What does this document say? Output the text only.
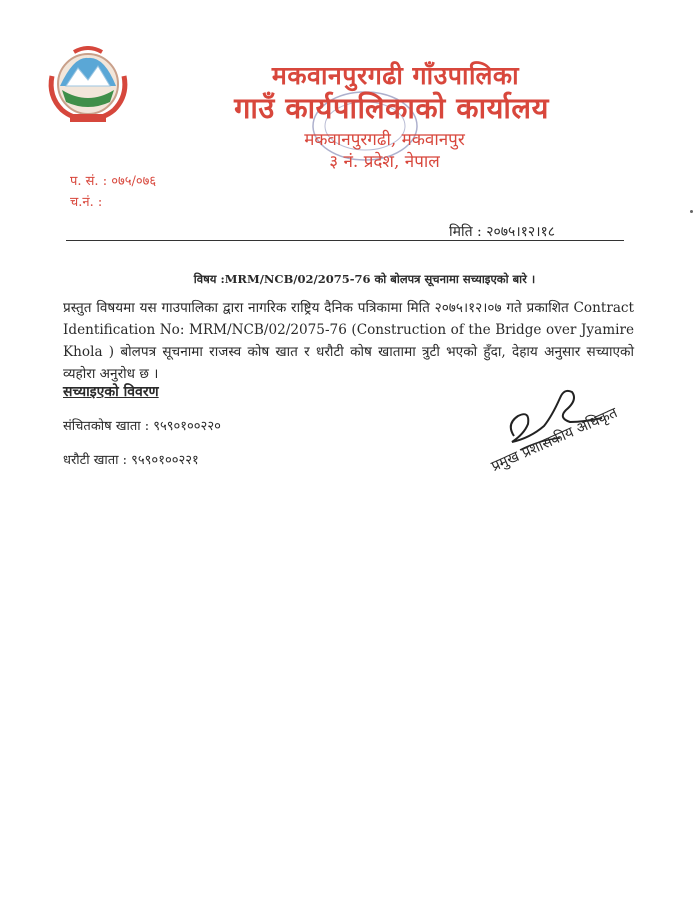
मकवानपुरगढी गाँउपालिका
गाउँ कार्यपालिकाको कार्यालय
मकवानपुरगढी, मकवानपुर
३ नं. प्रदेश, नेपाल
प. सं. : ०७५/०७६
च.नं. :
मिति : २०७५।१२।१८
विषय :MRM/NCB/02/2075-76 को बोलपत्र सूचनामा सच्याइएको बारे ।
प्रस्तुत विषयमा यस गाउपालिका द्वारा नागरिक राष्ट्रिय दैनिक पत्रिकामा मिति २०७५।१२।०७ गते प्रकाशित Contract Identification No: MRM/NCB/02/2075-76 (Construction of the Bridge over Jyamire Khola ) बोलपत्र सूचनामा राजस्व कोष खात र धरौटी कोष खातामा त्रुटी भएको हुँदा, देहाय अनुसार सच्याएको व्यहोरा अनुरोध छ ।
सच्याइएको विवरण
संचितकोष खाता : ९५९०१००२२०
धरौटी खाता : ९५९०१००२२१	प्रमुख प्रशासकीय अधिकृत
